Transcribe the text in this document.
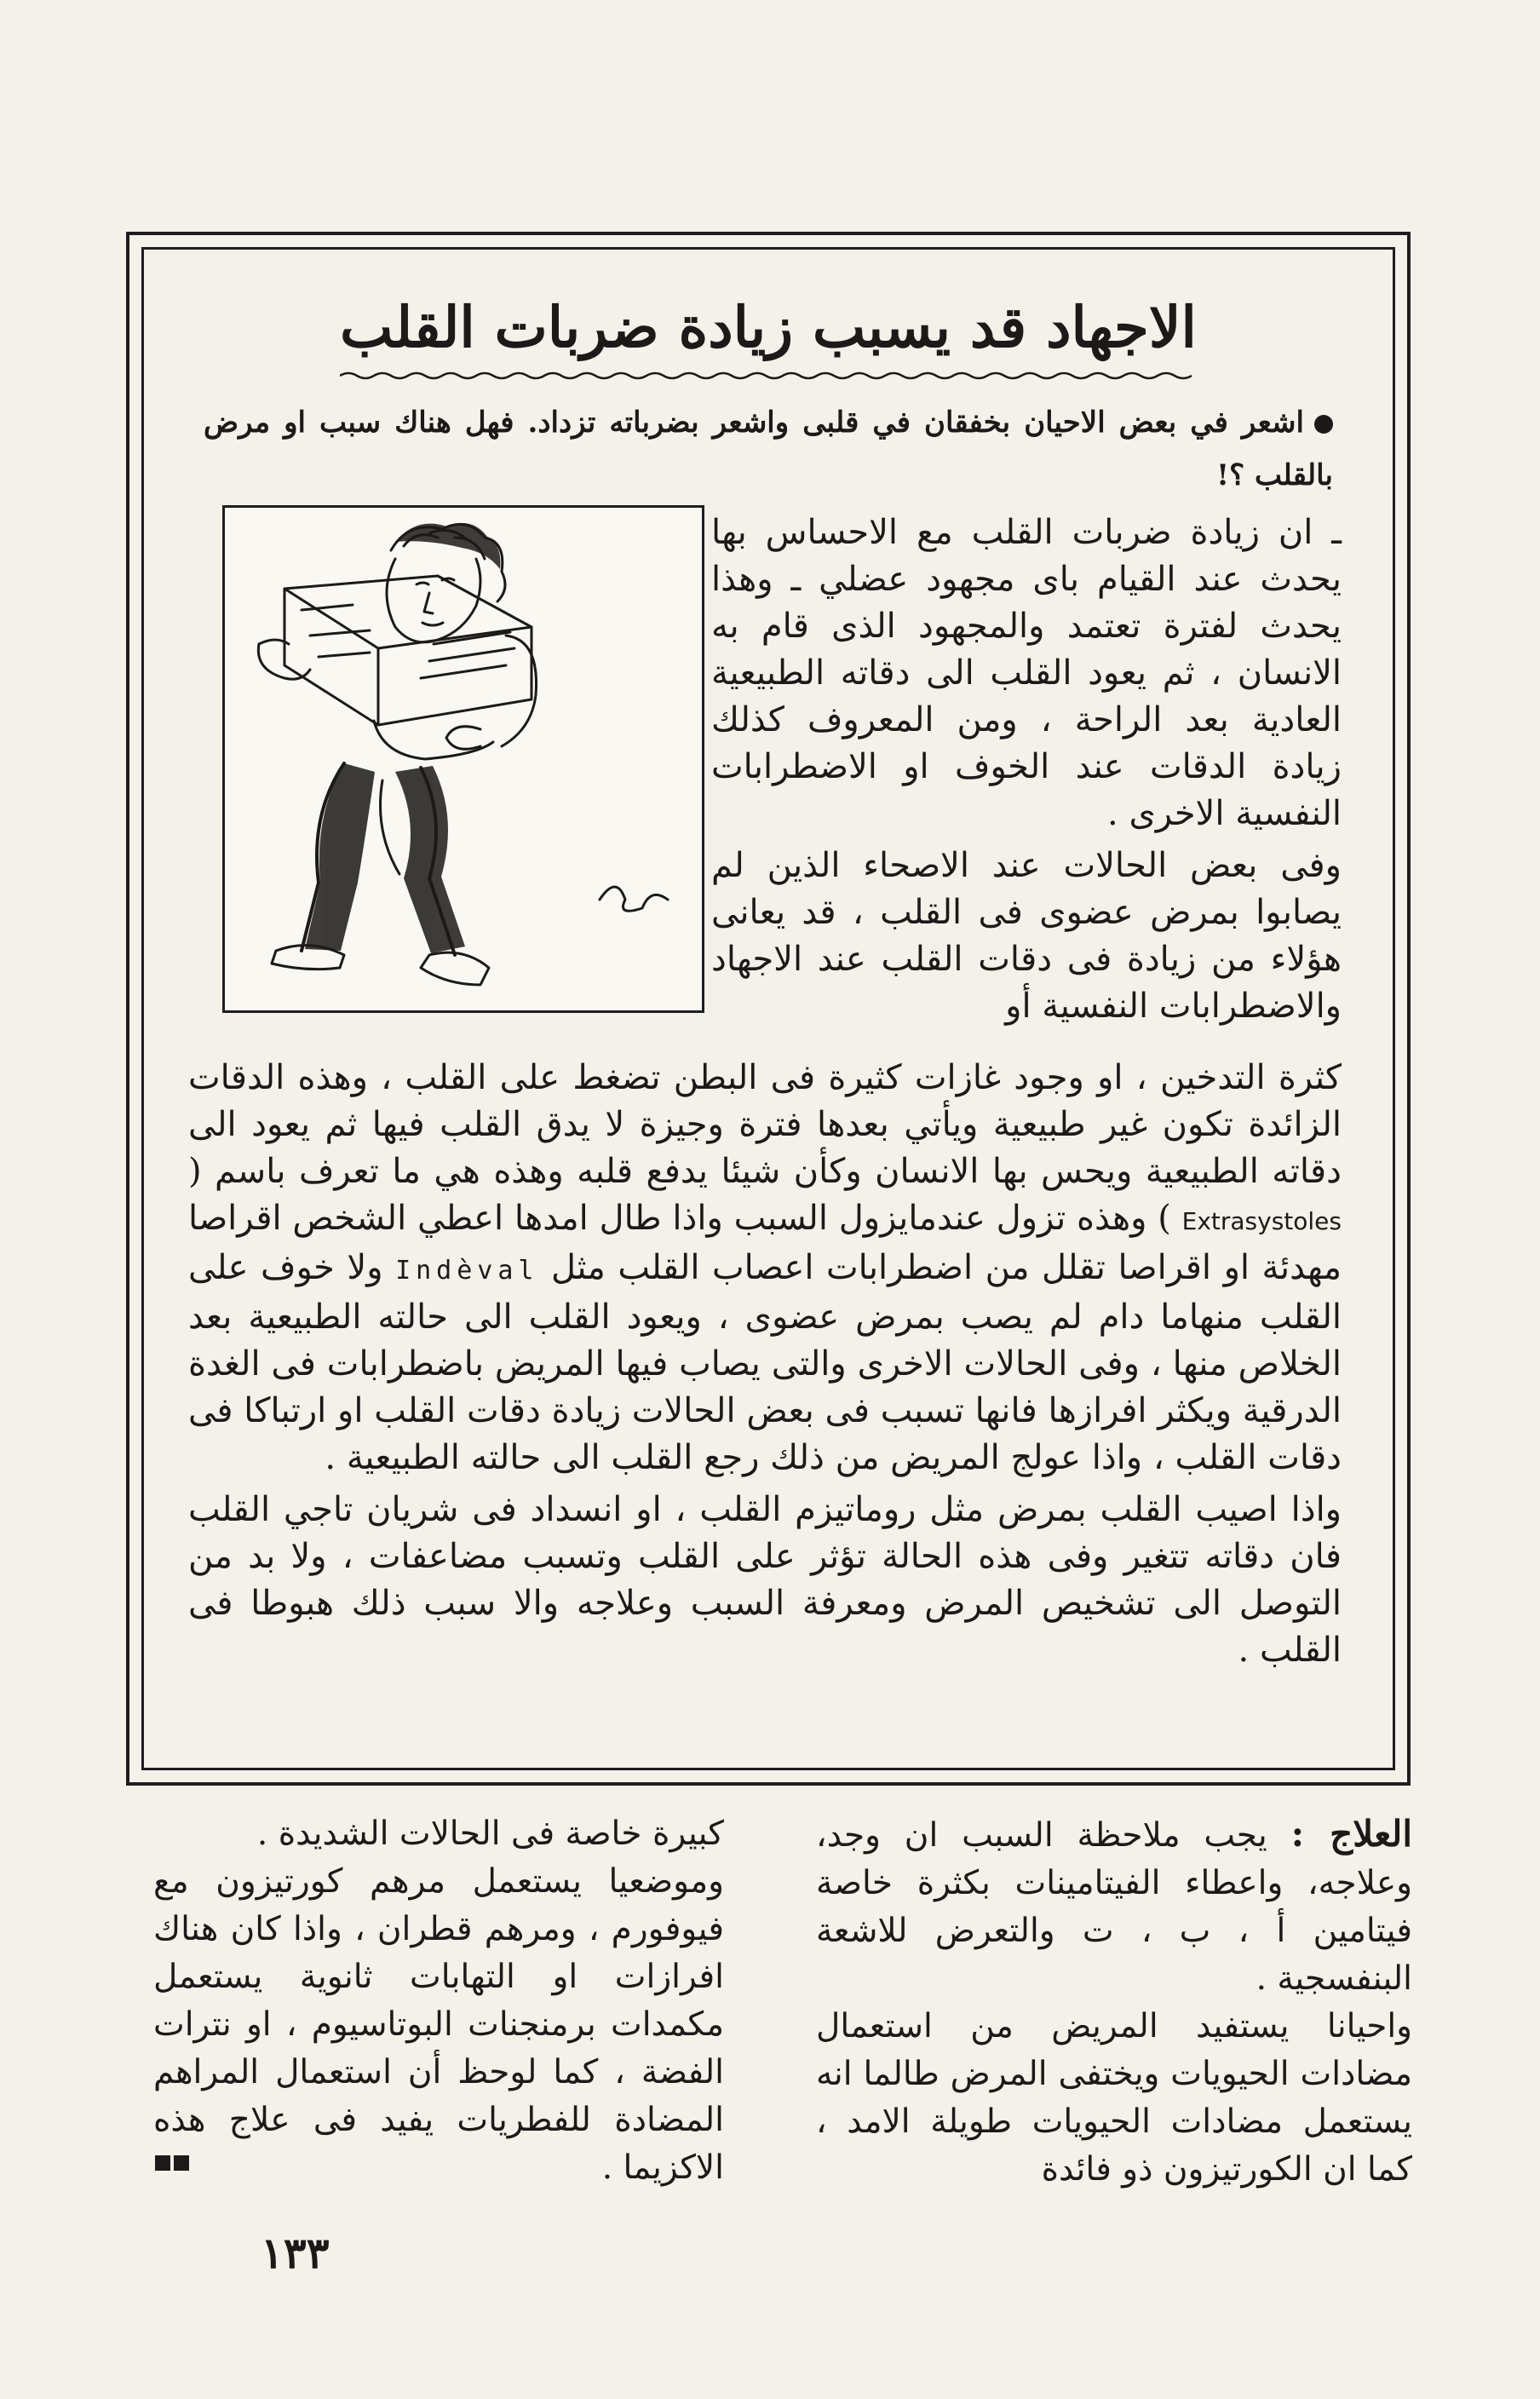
الاجهاد قد يسبب زيادة ضربات القلب
اشعر في بعض الاحيان بخفقان في قلبى واشعر بضرباته تزداد. فهل هناك سبب او مرض بالقلب ؟!

ـ ان زيادة ضربات القلب مع الاحساس بها يحدث عند القيام باى مجهود عضلي ـ وهذا يحدث لفترة تعتمد والمجهود الذى قام به الانسان ، ثم يعود القلب الى دقاته الطبيعية العادية بعد الراحة ، ومن المعروف كذلك زيادة الدقات عند الخوف او الاضطرابات النفسية الاخرى .

وفى بعض الحالات عند الاصحاء الذين لم يصابوا بمرض عضوى فى القلب ، قد يعانى هؤلاء من زيادة فى دقات القلب عند الاجهاد والاضطرابات النفسية أو

كثرة التدخين ، او وجود غازات كثيرة فى البطن تضغط على القلب ، وهذه الدقات الزائدة تكون غير طبيعية ويأتي بعدها فترة وجيزة لا يدق القلب فيها ثم يعود الى دقاته الطبيعية ويحس بها الانسان وكأن شيئا يدفع قلبه وهذه هي ما تعرف باسم ( Extrasystoles ) وهذه تزول عندمايزول السبب واذا طال امدها اعطي الشخص اقراصا مهدئة او اقراصا تقلل من اضطرابات اعصاب القلب مثل Indèval ولا خوف على القلب منهاما دام لم يصب بمرض عضوى ، ويعود القلب الى حالته الطبيعية بعد الخلاص منها ، وفى الحالات الاخرى والتى يصاب فيها المريض باضطرابات فى الغدة الدرقية ويكثر افرازها فانها تسبب فى بعض الحالات زيادة دقات القلب او ارتباكا فى دقات القلب ، واذا عولج المريض من ذلك رجع القلب الى حالته الطبيعية .

واذا اصيب القلب بمرض مثل روماتيزم القلب ، او انسداد فى شريان تاجي القلب فان دقاته تتغير وفى هذه الحالة تؤثر على القلب وتسبب مضاعفات ، ولا بد من التوصل الى تشخيص المرض ومعرفة السبب وعلاجه والا سبب ذلك هبوطا فى القلب .

العلاج : يجب ملاحظة السبب ان وجد، وعلاجه، واعطاء الفيتامينات بكثرة خاصة فيتامين أ ، ب ، ت والتعرض للاشعة البنفسجية .

واحيانا يستفيد المريض من استعمال مضادات الحيويات ويختفى المرض طالما انه يستعمل مضادات الحيويات طويلة الامد ، كما ان الكورتيزون ذو فائدة

كبيرة خاصة فى الحالات الشديدة .

وموضعيا يستعمل مرهم كورتيزون مع فيوفورم ، ومرهم قطران ، واذا كان هناك افرازات او التهابات ثانوية يستعمل مكمدات برمنجنات البوتاسيوم ، او نترات الفضة ، كما لوحظ أن استعمال المراهم المضادة للفطريات يفيد فى علاج هذه الاكزيما .

١٣٣
